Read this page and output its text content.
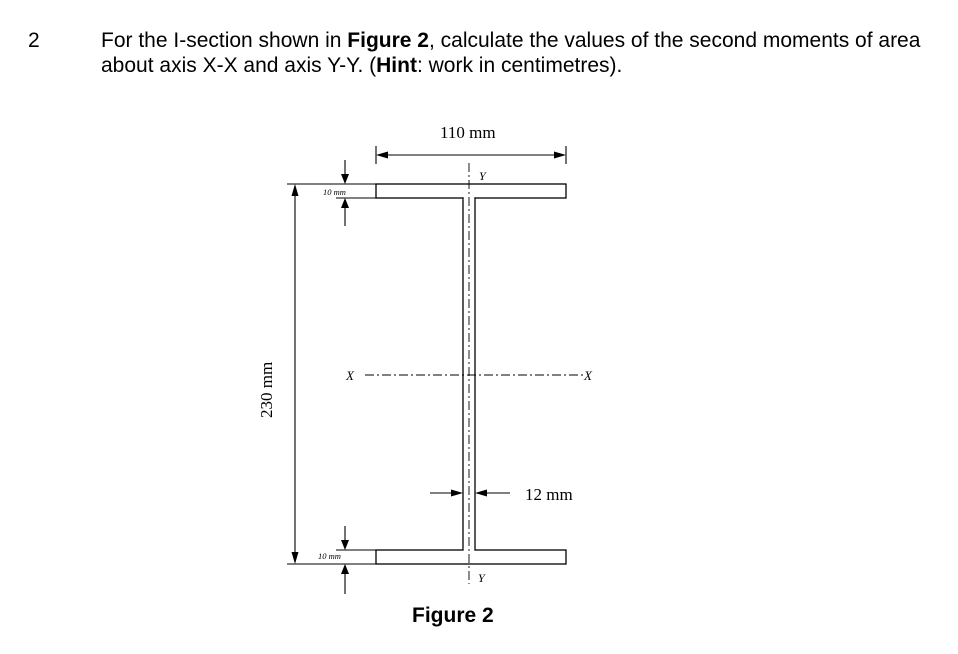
2	For the I-section shown in Figure 2, calculate the values of the second moments of area about axis X-X and axis Y-Y. (Hint: work in centimetres).
Y
Y
X	X
110 mm
230 mm
10 mm
10 mm
12 mm
Figure 2
